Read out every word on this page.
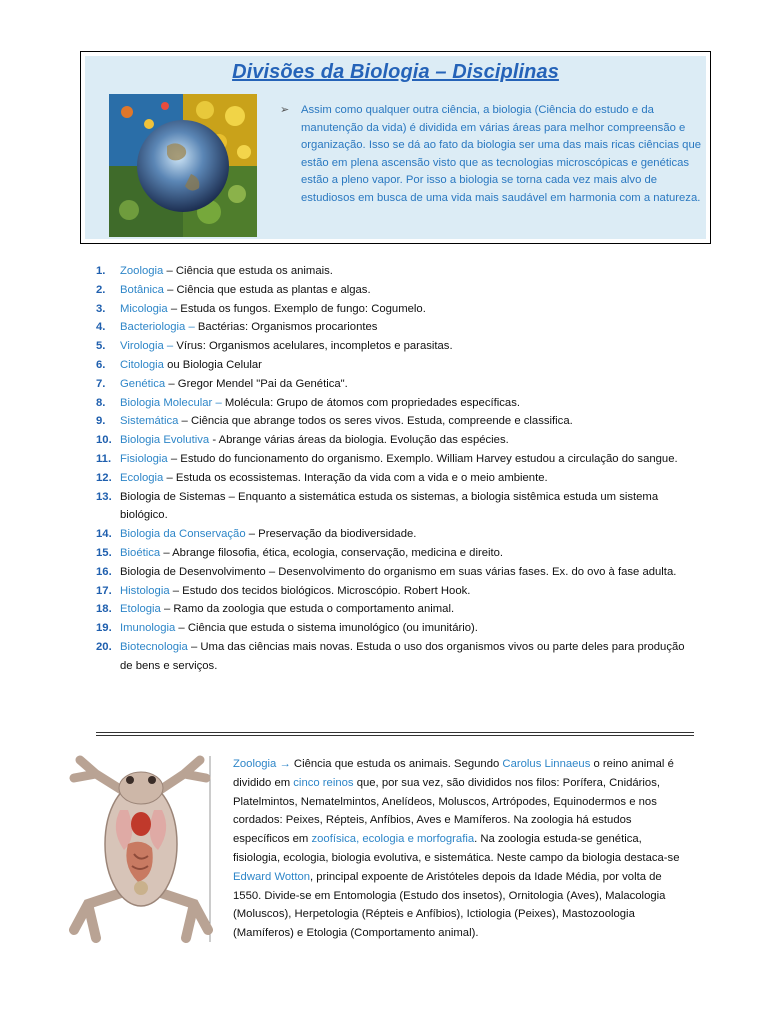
Divisões da Biologia – Disciplinas
➢ Assim como qualquer outra ciência, a biologia (Ciência do estudo e da manutenção da vida) é dividida em várias áreas para melhor compreensão e organização. Isso se dá ao fato da biologia ser uma das mais ricas ciências que estão em plena ascensão visto que as tecnologias microscópicas e genéticas estão a pleno vapor. Por isso a biologia se torna cada vez mais alvo de estudiosos em busca de uma vida mais saudável em harmonia com a natureza.
1. Zoologia – Ciência que estuda os animais.
2. Botânica – Ciência que estuda as plantas e algas.
3. Micologia – Estuda os fungos. Exemplo de fungo: Cogumelo.
4. Bacteriologia – Bactérias: Organismos procariontes
5. Virologia – Vírus: Organismos acelulares, incompletos e parasitas.
6. Citologia ou Biologia Celular
7. Genética – Gregor Mendel "Pai da Genética".
8. Biologia Molecular – Molécula: Grupo de átomos com propriedades específicas.
9. Sistemática – Ciência que abrange todos os seres vivos. Estuda, compreende e classifica.
10. Biologia Evolutiva - Abrange várias áreas da biologia. Evolução das espécies.
11. Fisiologia – Estudo do funcionamento do organismo. Exemplo. William Harvey estudou a circulação do sangue.
12. Ecologia – Estuda os ecossistemas. Interação da vida com a vida e o meio ambiente.
13. Biologia de Sistemas – Enquanto a sistemática estuda os sistemas, a biologia sistêmica estuda um sistema biológico.
14. Biologia da Conservação – Preservação da biodiversidade.
15. Bioética – Abrange filosofia, ética, ecologia, conservação, medicina e direito.
16. Biologia de Desenvolvimento – Desenvolvimento do organismo em suas várias fases. Ex. do ovo à fase adulta.
17. Histologia – Estudo dos tecidos biológicos. Microscópio. Robert Hook.
18. Etologia – Ramo da zoologia que estuda o comportamento animal.
19. Imunologia – Ciência que estuda o sistema imunológico (ou imunitário).
20. Biotecnologia – Uma das ciências mais novas. Estuda o uso dos organismos vivos ou parte deles para produção de bens e serviços.
Zoologia → Ciência que estuda os animais. Segundo Carolus Linnaeus o reino animal é dividido em cinco reinos que, por sua vez, são divididos nos filos: Porífera, Cnidários, Platelmintos, Nematelmintos, Anelídeos, Moluscos, Artrópodes, Equinodermos e nos cordados: Peixes, Répteis, Anfíbios, Aves e Mamíferos. Na zoologia há estudos específicos em zoofísica, ecologia e morfografia. Na zoologia estuda-se genética, fisiologia, ecologia, biologia evolutiva, e sistemática. Neste campo da biologia destaca-se Edward Wotton, principal expoente de Aristóteles depois da Idade Média, por volta de 1550. Divide-se em Entomologia (Estudo dos insetos), Ornitologia (Aves), Malacologia (Moluscos), Herpetologia (Répteis e Anfíbios), Ictiologia (Peixes), Mastozoologia (Mamíferos) e Etologia (Comportamento animal).
